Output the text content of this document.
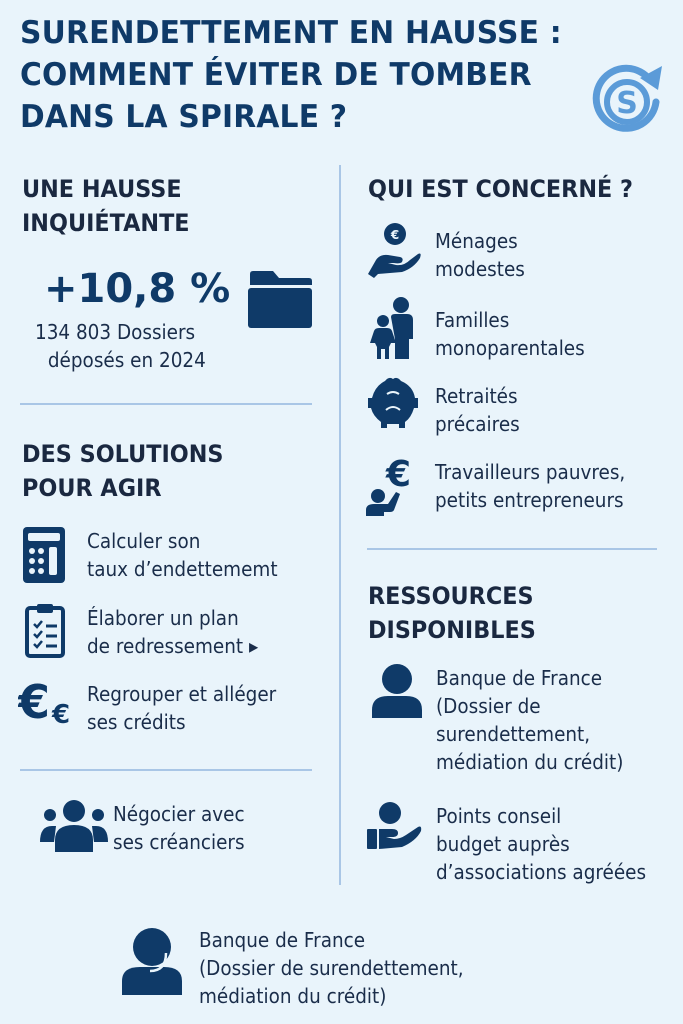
SURENDETTEMENT EN HAUSSE :
COMMENT ÉVITER DE TOMBER
DANS LA SPIRALE ?	S
UNE HAUSSE
INQUIÉTANTE
+10,8 %
134 803 Dossiers
déposés en 2024
DES SOLUTIONS
POUR AGIR
Calculer son
taux d’endettememt
Élaborer un plan
de redressement ▸
€ €
Regrouper et alléger
ses crédits
Négocier avec
ses créanciers
QUI EST CONCERNÉ ?
€ Ménages
modestes
Familles
monoparentales
Retraités
précaires
€ Travailleurs pauvres,
petits entrepreneurs
RESSOURCES
DISPONIBLES
Banque de France
(Dossier de
surendettement,
médiation du crédit)
Points conseil
budget auprès
d’associations agréées
Banque de France
(Dossier de surendettement,
médiation du crédit)
